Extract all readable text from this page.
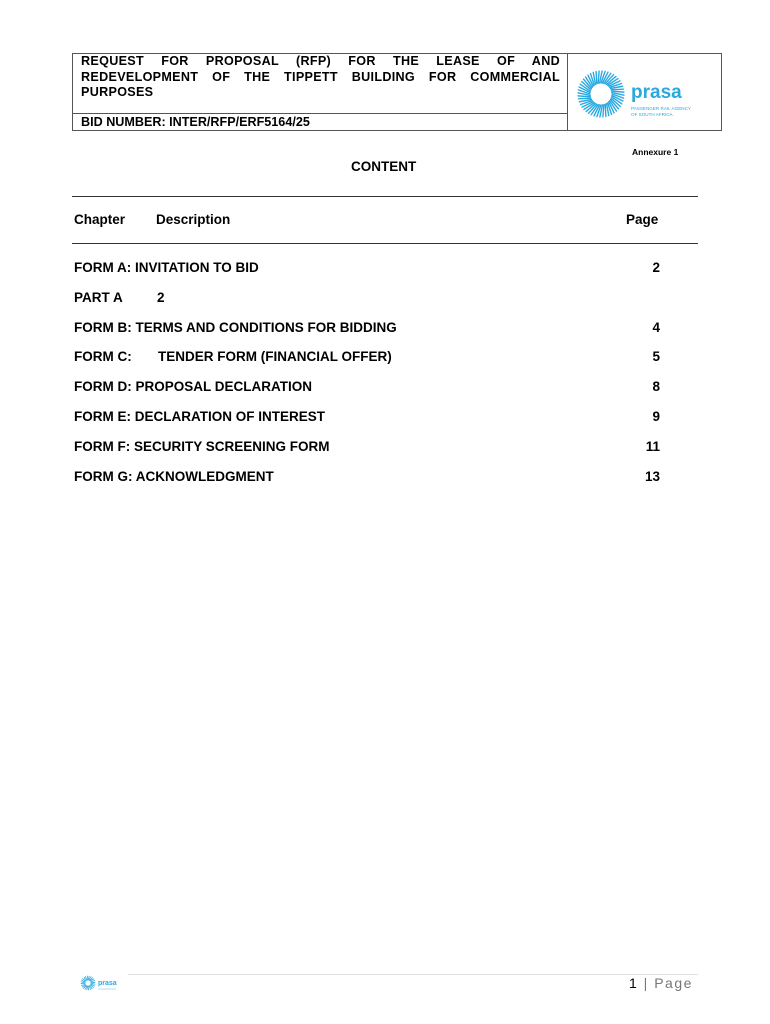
REQUEST FOR PROPOSAL (RFP) FOR THE LEASE OF AND REDEVELOPMENT OF THE TIPPETT BUILDING FOR COMMERCIAL PURPOSES
BID NUMBER: INTER/RFP/ERF5164/25
prasa
PASSENGER RAIL AGENCY
OF SOUTH AFRICA
Annexure 1
CONTENT
Chapter Description	Page
FORM A: INVITATION TO BID	2
PART A	2
FORM B: TERMS AND CONDITIONS FOR BIDDING	4
FORM C:       TENDER FORM (FINANCIAL OFFER)	5
FORM D: PROPOSAL DECLARATION	8
FORM E: DECLARATION OF INTEREST	9
FORM F: SECURITY SCREENING FORM	11
FORM G: ACKNOWLEDGMENT	13
prasa	1 | Page
